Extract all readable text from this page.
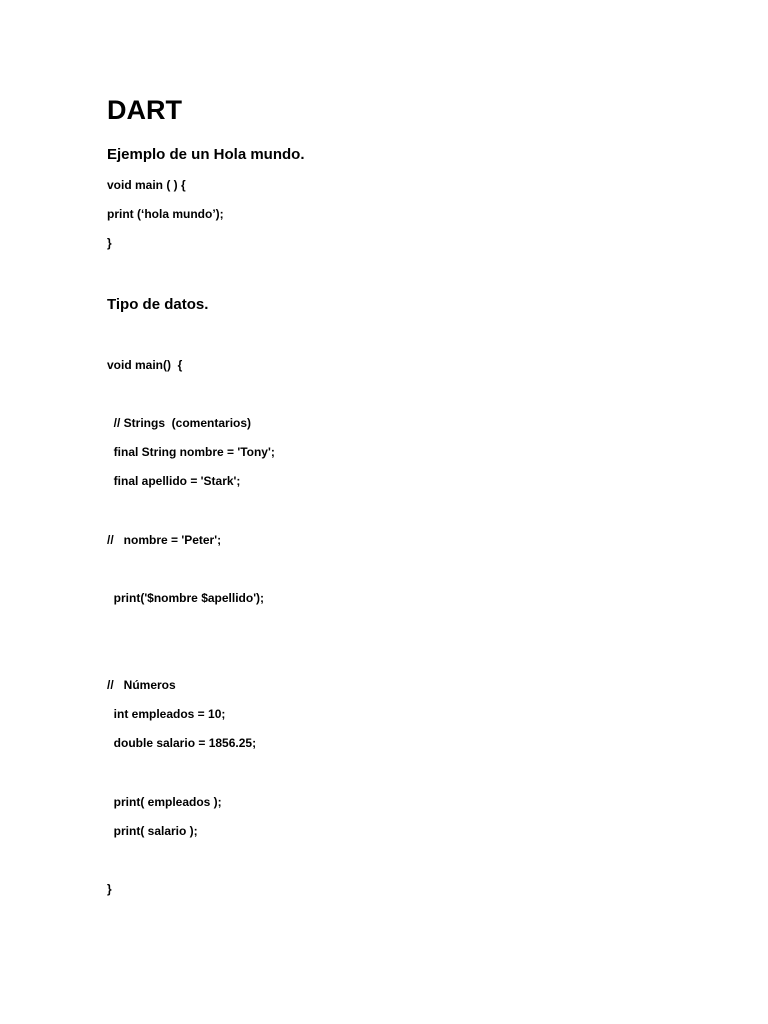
DART
Ejemplo de un Hola mundo.
void main ( ) {
print (‘hola mundo’);
}
Tipo de datos.
void main()  {
// Strings  (comentarios)
final String nombre = 'Tony';
final apellido = 'Stark';
//   nombre = 'Peter';
print('$nombre $apellido');
//   Números
int empleados = 10;
double salario = 1856.25;
print( empleados );
print( salario );
}
